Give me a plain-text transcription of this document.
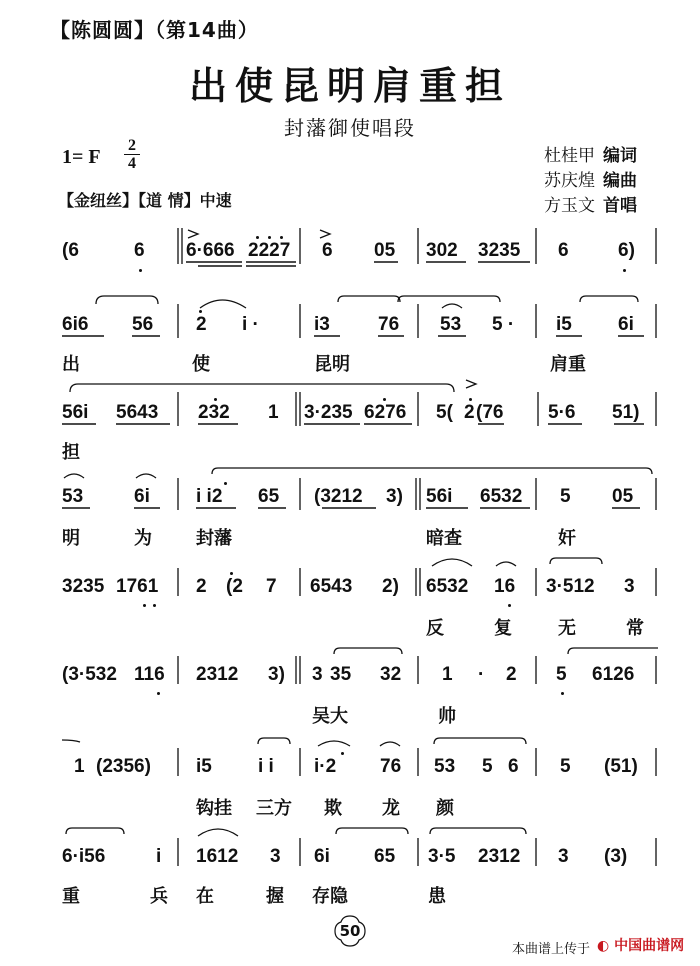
【陈圆圆】（第14曲）
出使昆明肩重担
封藩御使唱段
1= F
2
4	杜桂甲 编词
苏庆煌 编曲
方玉文 首唱
【金纽丝】【道 情】中速
(6	6 6·666 2227 6 05 302 3235 6	6)
6i6 56 2 i ·	i3	76 53 5 · i5 6i
出	使	昆明	肩重
56i 5643 232 1 3·235 6276 5( 2 (76 5·6 51)
担
53	6i i i2 65 (3212 3) 56i 6532 5 05
明	为 封藩	暗查	奸
3235 1761 2 (2 7 6543 2) 6532 16 3·512 3
反	复	无	常
(3·532 116 2312 3) 3 35 32 1 · 2 5 6126
吴大	帅
1 (2356) i5 i i i·2 76 53 5 6 5 (51)
钩挂 三方 欺 龙 颜
6·i56	i 1612 3 6i 65 3·5 2312 3 (3)
重	兵 在	握 存隐	患
50
本曲谱上传于 ◐ 中国曲谱网
